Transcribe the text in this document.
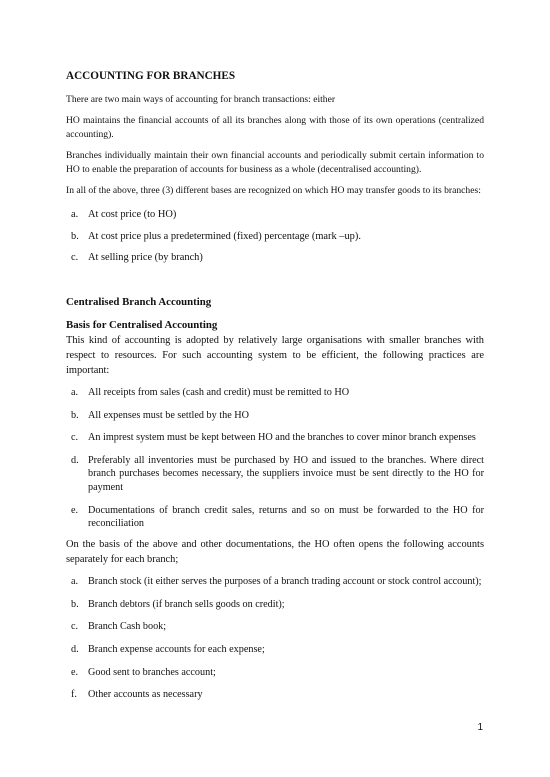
ACCOUNTING FOR BRANCHES

There are two main ways of accounting for branch transactions: either

HO maintains the financial accounts of all its branches along with those of its own operations (centralized accounting).

Branches individually maintain their own financial accounts and periodically submit certain information to HO to enable the preparation of accounts for business as a whole (decentralised accounting).

In all of the above, three (3) different bases are recognized on which HO may transfer goods to its branches:

a. At cost price (to HO)
b. At cost price plus a predetermined (fixed) percentage (mark –up).
c. At selling price (by branch)
Centralised Branch Accounting
Basis for Centralised Accounting

This kind of accounting is adopted by relatively large organisations with smaller branches with respect to resources. For such accounting system to be efficient, the following practices are important:

a. All receipts from sales (cash and credit) must be remitted to HO
b. All expenses must be settled by the HO
c. An imprest system must be kept between HO and the branches to cover minor branch expenses
d. Preferably all inventories must be purchased by HO and issued to the branches. Where direct branch purchases becomes necessary, the suppliers invoice must be sent directly to the HO for payment
e. Documentations of branch credit sales, returns and so on must be forwarded to the HO for reconciliation

On the basis of the above and other documentations, the HO often opens the following accounts separately for each branch;

a. Branch stock (it either serves the purposes of a branch trading account or stock control account);
b. Branch debtors (if branch sells goods on credit);
c. Branch Cash book;
d. Branch expense accounts for each expense;
e. Good sent to branches account;
f. Other accounts as necessary
1
